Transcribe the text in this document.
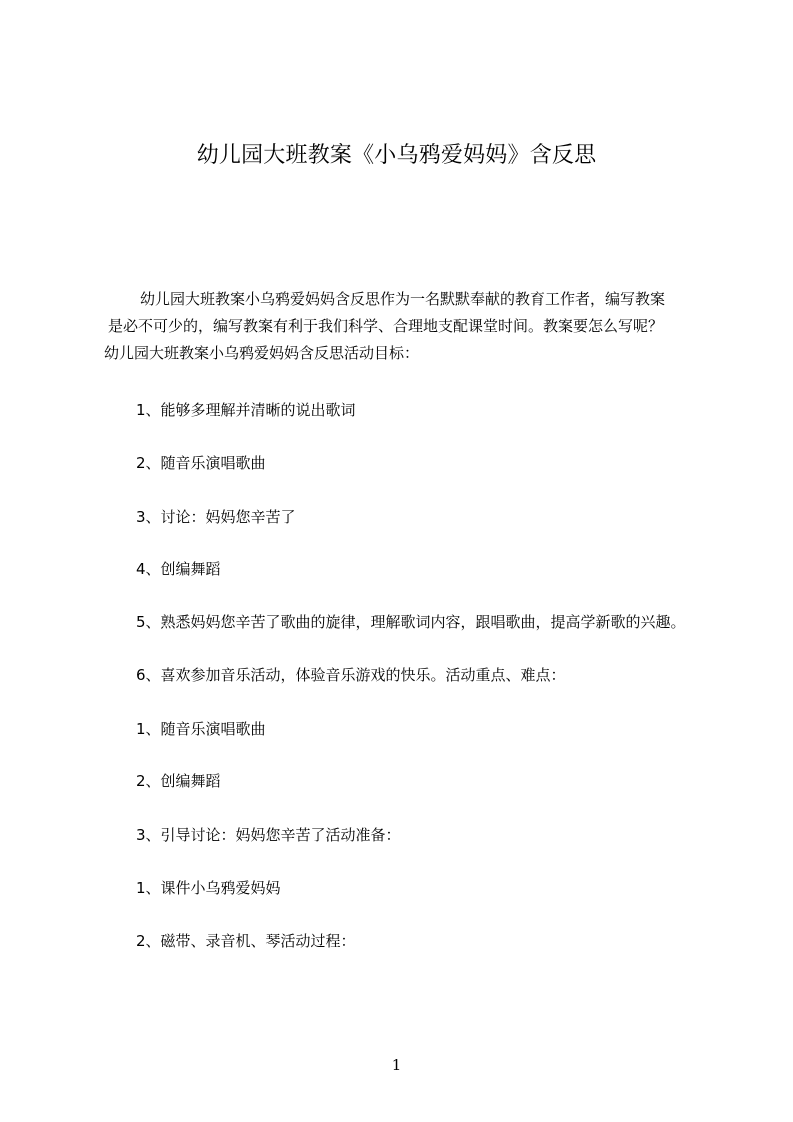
幼儿园大班教案《小乌鸦爱妈妈》含反思
幼儿园大班教案小乌鸦爱妈妈含反思作为一名默默奉献的教育工作者，编写教案
是必不可少的，编写教案有利于我们科学、合理地支配课堂时间。教案要怎么写呢？
幼儿园大班教案小乌鸦爱妈妈含反思活动目标：
1、能够多理解并清晰的说出歌词
2、随音乐演唱歌曲
3、讨论：妈妈您辛苦了
4、创编舞蹈
5、熟悉妈妈您辛苦了歌曲的旋律，理解歌词内容，跟唱歌曲，提高学新歌的兴趣。
6、喜欢参加音乐活动，体验音乐游戏的快乐。活动重点、难点：
1、随音乐演唱歌曲
2、创编舞蹈
3、引导讨论：妈妈您辛苦了活动准备：
1、课件小乌鸦爱妈妈
2、磁带、录音机、琴活动过程：
1
